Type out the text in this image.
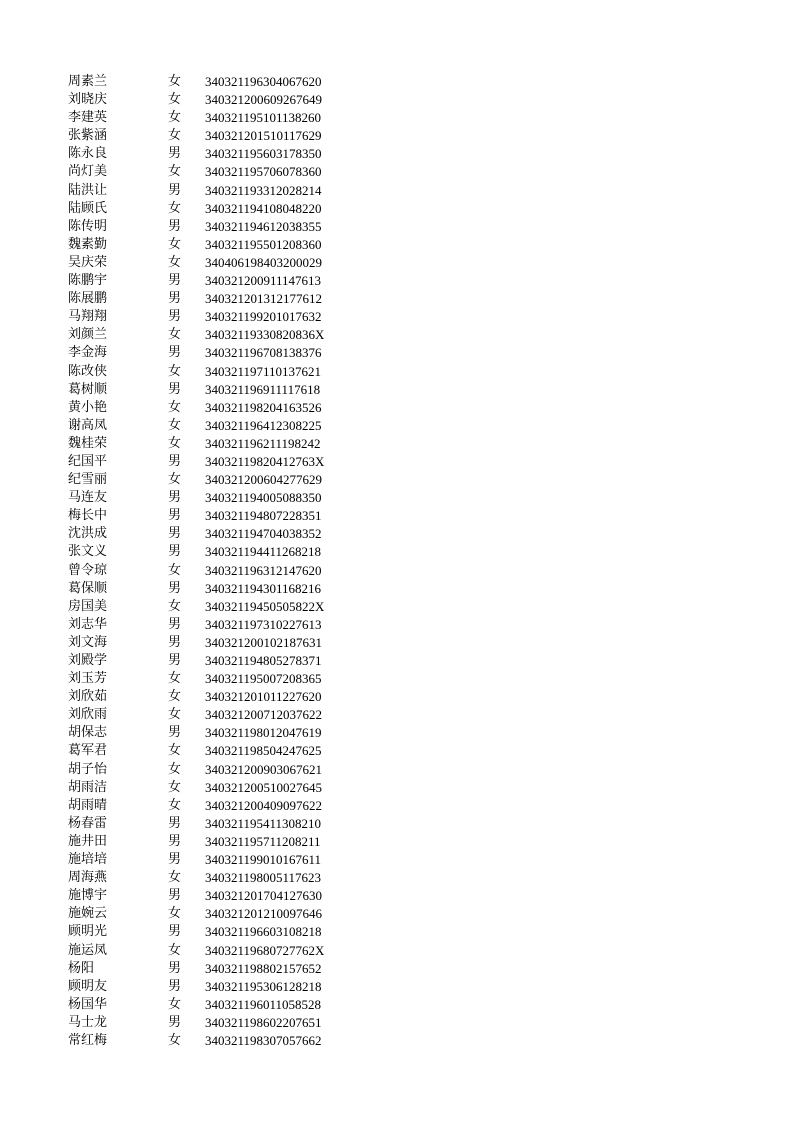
周素兰	女	340321196304067620
刘晓庆	女	340321200609267649
李建英	女	340321195101138260
张紫涵	女	340321201510117629
陈永良	男	340321195603178350
尚灯美	女	340321195706078360
陆洪让	男	340321193312028214
陆顾氏	女	340321194108048220
陈传明	男	340321194612038355
魏素勤	女	340321195501208360
吴庆荣	女	340406198403200029
陈鹏宇	男	340321200911147613
陈展鹏	男	340321201312177612
马翔翔	男	340321199201017632
刘颜兰	女	34032119330820836X
李金海	男	340321196708138376
陈改侠	女	340321197110137621
葛树顺	男	340321196911117618
黄小艳	女	340321198204163526
谢高凤	女	340321196412308225
魏桂荣	女	340321196211198242
纪国平	男	34032119820412763X
纪雪丽	女	340321200604277629
马连友	男	340321194005088350
梅长中	男	340321194807228351
沈洪成	男	340321194704038352
张文义	男	340321194411268218
曾令琼	女	340321196312147620
葛保顺	男	340321194301168216
房国美	女	34032119450505822X
刘志华	男	340321197310227613
刘文海	男	340321200102187631
刘殿学	男	340321194805278371
刘玉芳	女	340321195007208365
刘欣茹	女	340321201011227620
刘欣雨	女	340321200712037622
胡保志	男	340321198012047619
葛军君	女	340321198504247625
胡子怡	女	340321200903067621
胡雨洁	女	340321200510027645
胡雨晴	女	340321200409097622
杨春雷	男	340321195411308210
施井田	男	340321195711208211
施培培	男	340321199010167611
周海燕	女	340321198005117623
施博宇	男	340321201704127630
施婉云	女	340321201210097646
顾明光	男	340321196603108218
施运凤	女	34032119680727762X
杨阳	男	340321198802157652
顾明友	男	340321195306128218
杨国华	女	340321196011058528
马士龙	男	340321198602207651
常红梅	女	340321198307057662
